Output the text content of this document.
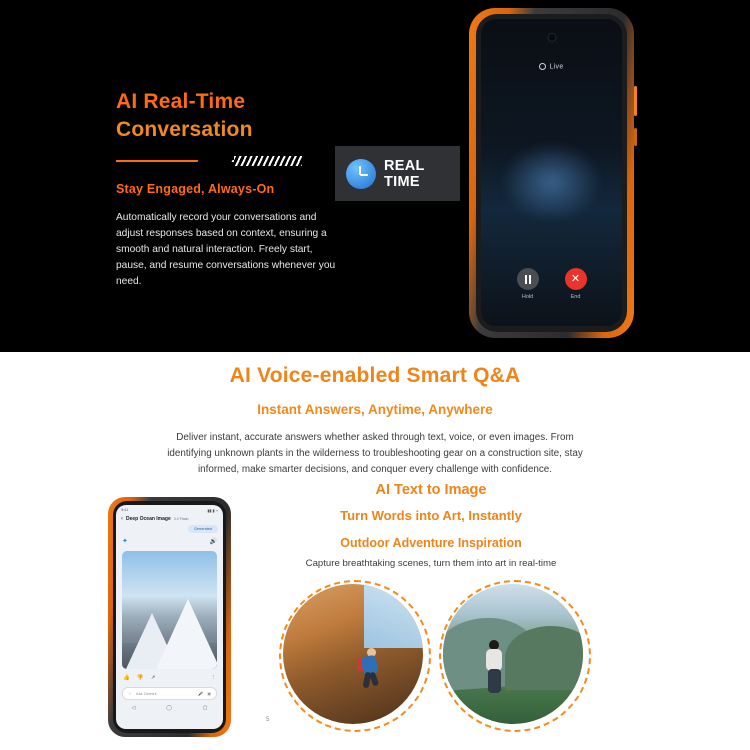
AI Real-Time
Conversation
Stay Engaged, Always-On
Automatically record your conversations and adjust responses based on context, ensuring a smooth and natural interaction. Freely start, pause, and resume conversations whenever you need.
REAL TIME
Live
Hold
✕
End
AI Voice-enabled Smart Q&A
Instant Answers, Anytime, Anywhere
Deliver instant, accurate answers whether asked through text, voice, or even images. From identifying unknown plants in the wilderness to troubleshooting gear on a construction site, stay informed, make smarter decisions, and conquer every challenge with confidence.
AI Text to Image
Turn Words into Art, Instantly
Outdoor Adventure Inspiration
Capture breathtaking scenes, turn them into art in real-time
9:41	▮▮ ▮ ⌁
‹ Deep Ocean Image 3.0 Flash
Generated
✦	🔊
👍 👎 ↗	⋮
＋ Ask Gemini	🎤 ▣
◁	◯	▢
5
